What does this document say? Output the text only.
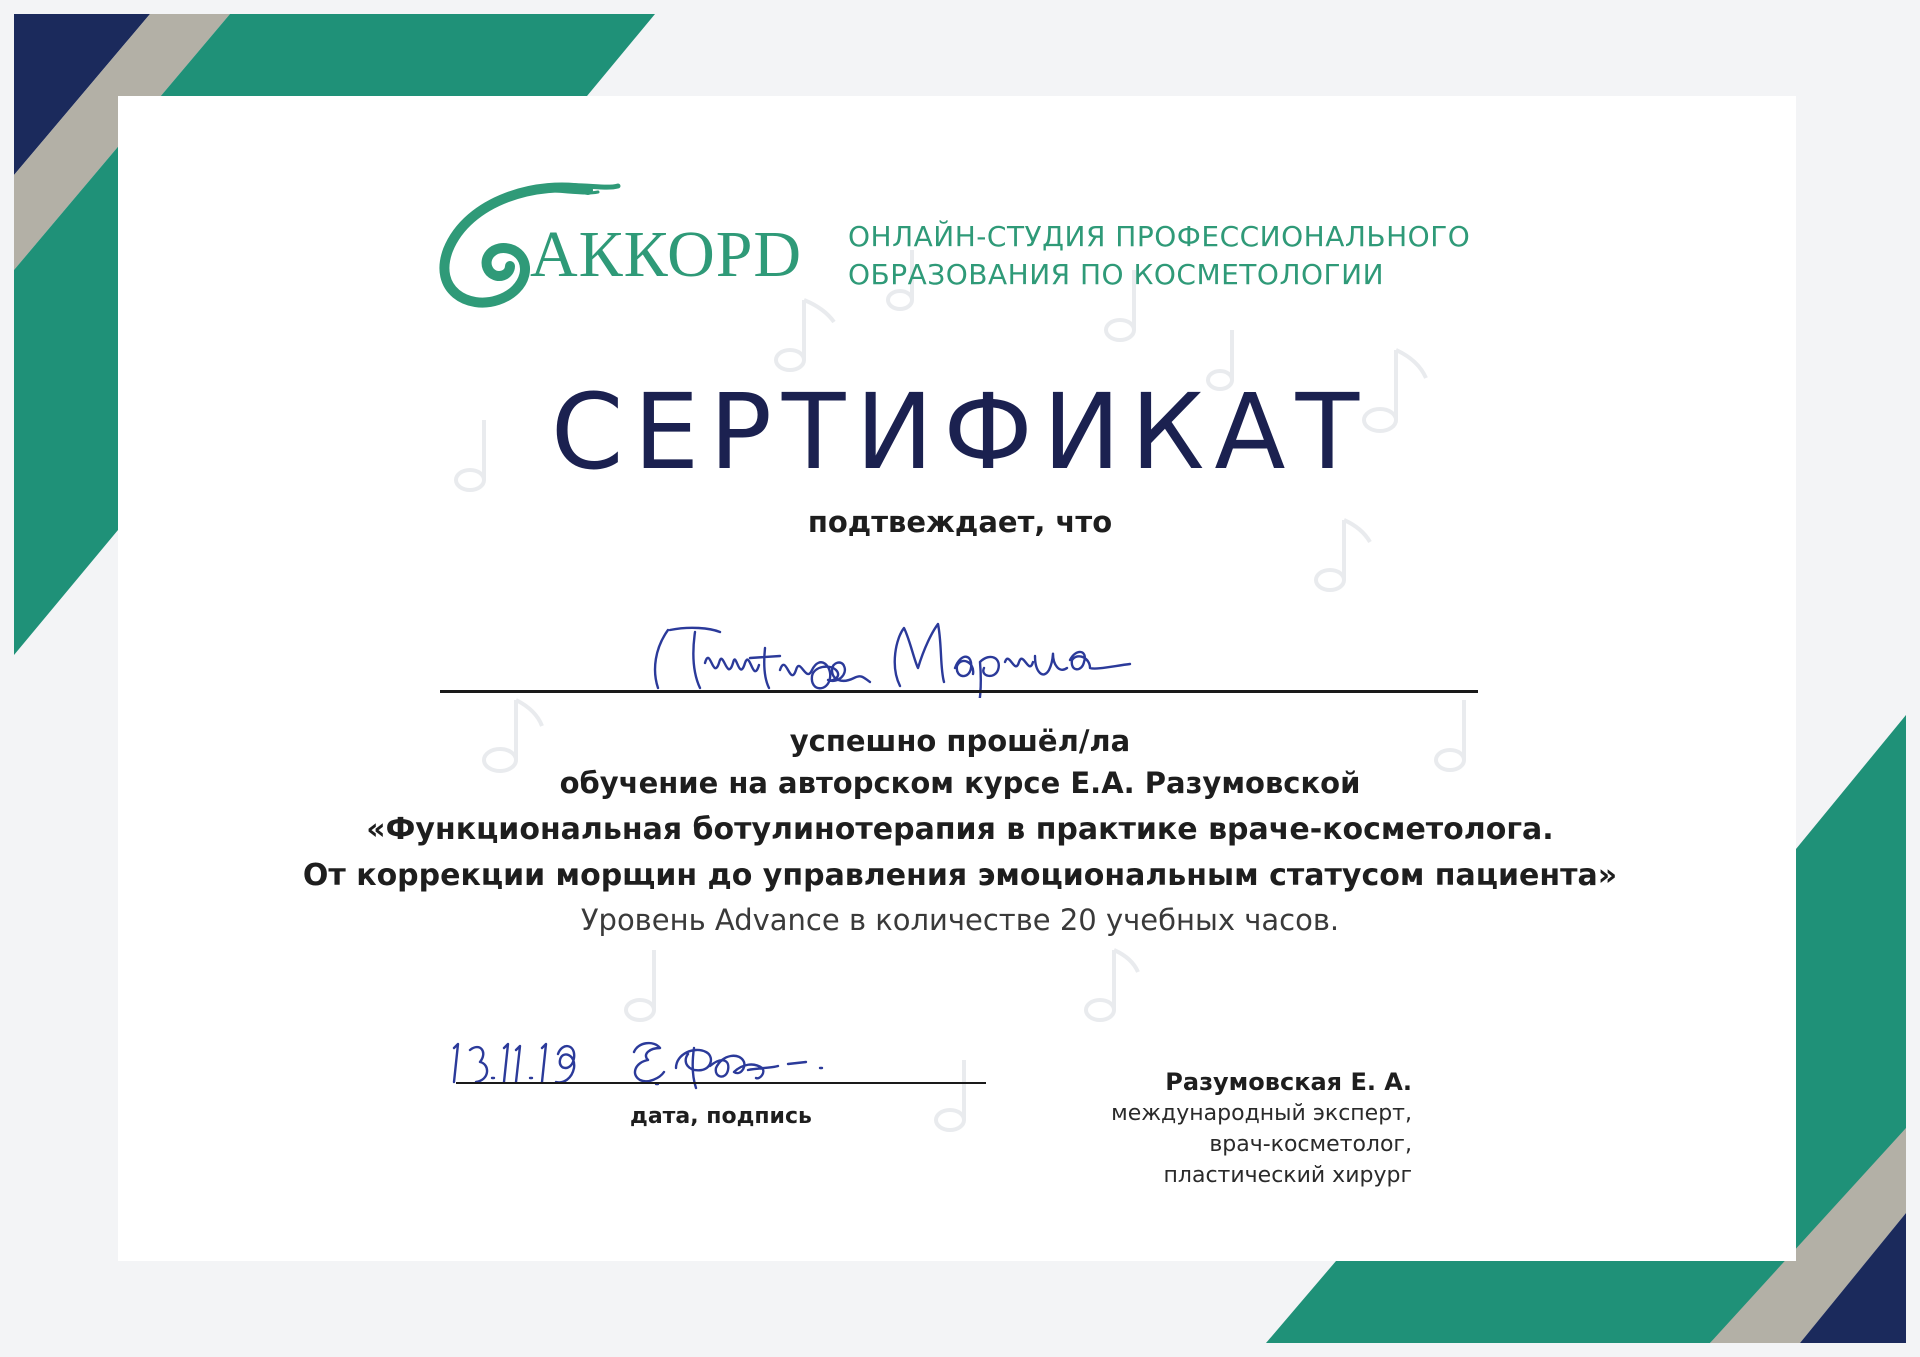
АККОРD ОНЛАЙН-СТУДИЯ ПРОФЕССИОНАЛЬНОГО
ОБРАЗОВАНИЯ ПО КОСМЕТОЛОГИИ
СЕРТИФИКАТ
подтвеждает, что
успешно прошёл/ла
обучение на авторском курсе Е.А. Разумовской
«Функциональная ботулинотерапия в практике враче-косметолога.
От коррекции морщин до управления эмоциональным статусом пациента»
Уровень Advance в количестве 20 учебных часов.
дата, подпись
Разумовская Е. А.
международный эксперт,
врач-косметолог,
пластический хирург
